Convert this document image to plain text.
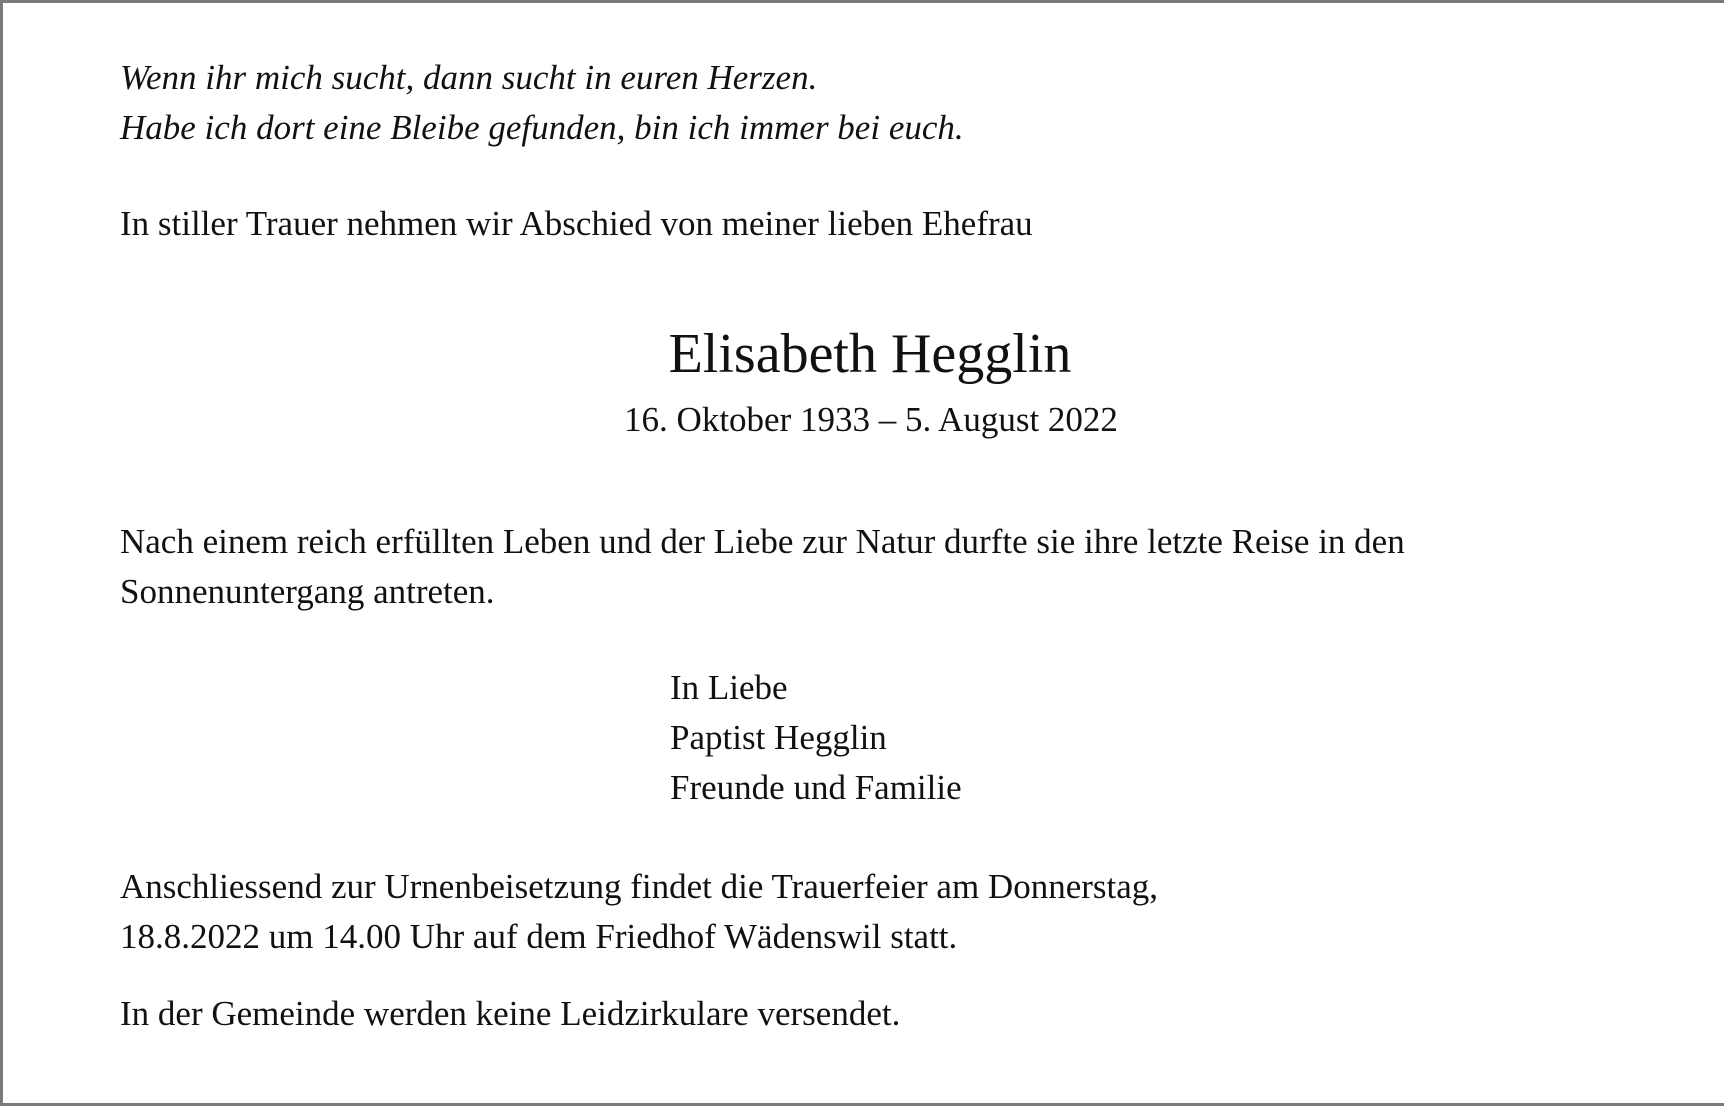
Wenn ihr mich sucht, dann sucht in euren Herzen.
Habe ich dort eine Bleibe gefunden, bin ich immer bei euch.

In stiller Trauer nehmen wir Abschied von meiner lieben Ehefrau

Elisabeth Hegglin
16. Oktober 1933 – 5. August 2022
Nach einem reich erfüllten Leben und der Liebe zur Natur durfte sie ihre letzte Reise in den
Sonnenuntergang antreten.
In Liebe
Paptist Hegglin
Freunde und Familie
Anschliessend zur Urnenbeisetzung findet die Trauerfeier am Donnerstag,
18.8.2022 um 14.00 Uhr auf dem Friedhof Wädenswil statt.

In der Gemeinde werden keine Leidzirkulare versendet.
